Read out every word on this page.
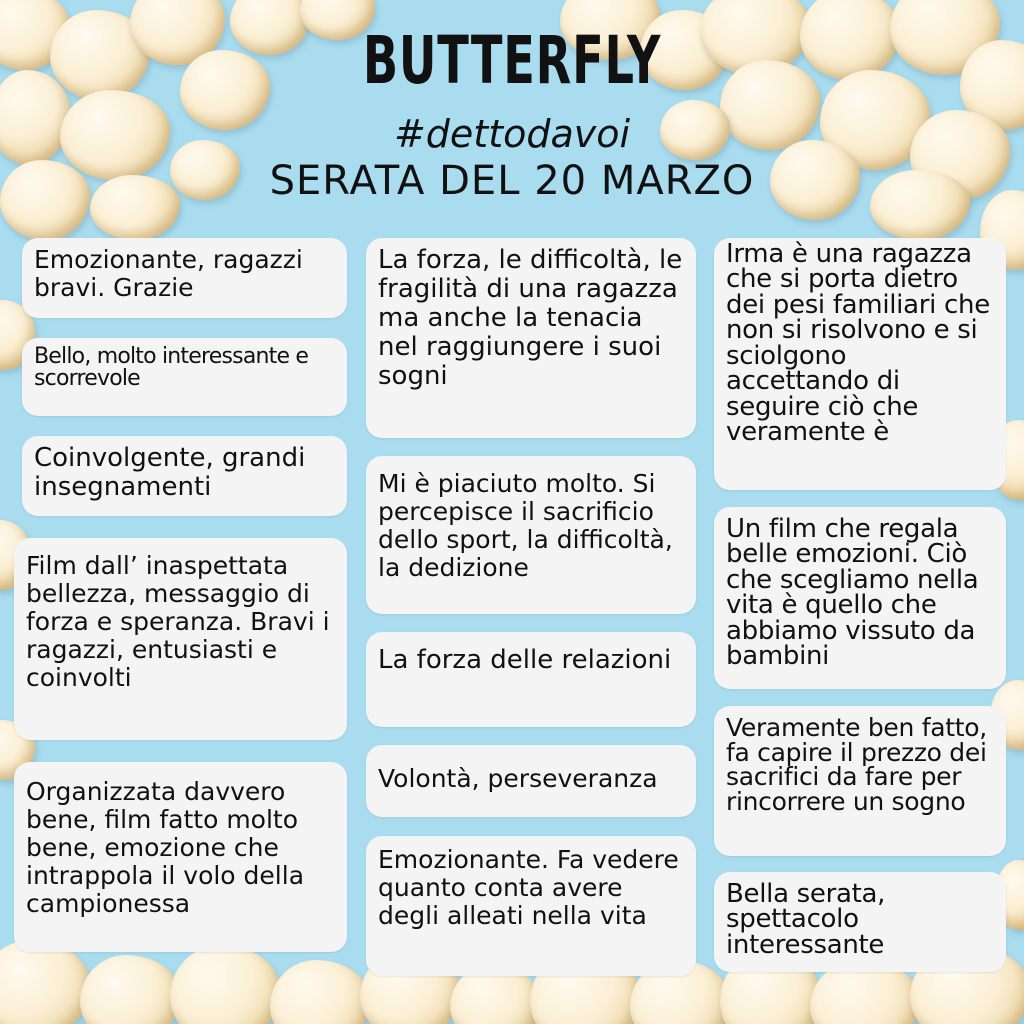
BUTTERFLY
#dettodavoi
SERATA DEL 20 MARZO
Emozionante, ragazzi bravi. Grazie
Bello, molto interessante e scorrevole
Coinvolgente, grandi insegnamenti
Film dall’ inaspettata bellezza, messaggio di forza e speranza. Bravi i ragazzi, entusiasti e coinvolti
Organizzata davvero bene, film fatto molto bene, emozione che intrappola il volo della campionessa
La forza, le difficoltà, le fragilità di una ragazza ma anche la tenacia nel raggiungere i suoi sogni
Mi è piaciuto molto. Si percepisce il sacrificio dello sport, la difficoltà, la dedizione
La forza delle relazioni
Volontà, perseveranza
Emozionante. Fa vedere quanto conta avere degli alleati nella vita
Irma è una ragazza che si porta dietro dei pesi familiari che non si risolvono e si sciolgono accettando di seguire ciò che veramente è
Un film che regala belle emozioni. Ciò che scegliamo nella vita è quello che abbiamo vissuto da bambini
Veramente ben fatto, fa capire il prezzo dei sacrifici da fare per rincorrere un sogno
Bella serata, spettacolo interessante
